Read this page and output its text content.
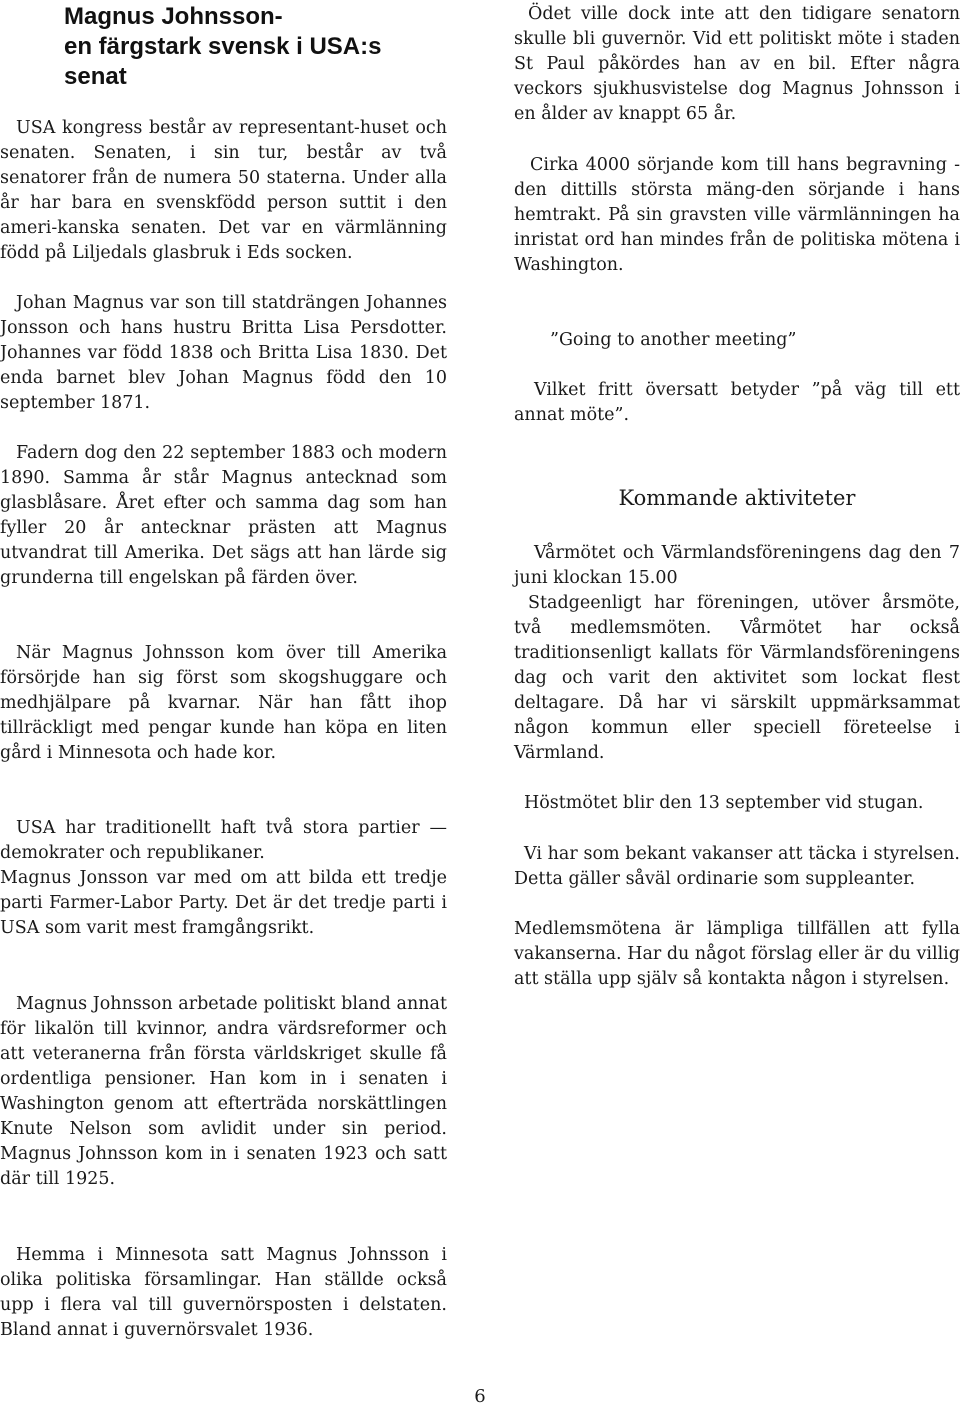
Magnus Johnsson-
en färgstark svensk i USA:s
senat

USA kongress består av representant-huset och senaten. Senaten, i sin tur, består av två senatorer från de numera 50 staterna. Under alla år har bara en svenskfödd person suttit i den ameri-kanska senaten. Det var en värmlänning född på Liljedals glasbruk i Eds socken.

Johan Magnus var son till statdrängen Johannes Jonsson och hans hustru Britta Lisa Persdotter. Johannes var född 1838 och Britta Lisa 1830. Det enda barnet blev Johan Magnus född den 10 september 1871.

Fadern dog den 22 september 1883 och modern 1890. Samma år står Magnus antecknad som glasblåsare. Året efter och samma dag som han fyller 20 år antecknar prästen att Magnus utvandrat till Amerika. Det sägs att han lärde sig grunderna till engelskan på färden över.

När Magnus Johnsson kom över till Amerika försörjde han sig först som skogshuggare och medhjälpare på kvarnar. När han fått ihop tillräckligt med pengar kunde han köpa en liten gård i Minnesota och hade kor.

USA har traditionellt haft två stora partier — demokrater och republikaner.

Magnus Jonsson var med om att bilda ett tredje parti Farmer-Labor Party. Det är det tredje parti i USA som varit mest framgångsrikt.

Magnus Johnsson arbetade politiskt bland annat för likalön till kvinnor, andra värdsreformer och att veteranerna från första världskriget skulle få ordentliga pensioner. Han kom in i senaten i Washington genom att efterträda norskättlingen Knute Nelson som avlidit under sin period. Magnus Johnsson kom in i senaten 1923 och satt där till 1925.

Hemma i Minnesota satt Magnus Johnsson i olika politiska församlingar. Han ställde också upp i flera val till guvernörsposten i delstaten. Bland annat i guvernörsvalet 1936.

Ödet ville dock inte att den tidigare senatorn skulle bli guvernör. Vid ett politiskt möte i staden St Paul påkördes han av en bil. Efter några veckors sjukhusvistelse dog Magnus Johnsson i en ålder av knappt 65 år.

Cirka 4000 sörjande kom till hans begravning - den dittills största mäng-den sörjande i hans hemtrakt. På sin gravsten ville värmlänningen ha inristat ord han mindes från de politiska mötena i Washington.

”Going to another meeting”

Vilket fritt översatt betyder ”på väg till ett annat möte”.

Kommande aktiviteter

Vårmötet och Värmlandsföreningens dag den 7 juni klockan 15.00

Stadgeenligt har föreningen, utöver årsmöte, två medlemsmöten. Vårmötet har också traditionsenligt kallats för Värmlandsföreningens dag och varit den aktivitet som lockat flest deltagare. Då har vi särskilt uppmärksammat någon kommun eller speciell företeelse i Värmland.

Höstmötet blir den 13 september vid stugan.

Vi har som bekant vakanser att täcka i styrelsen. Detta gäller såväl ordinarie som suppleanter.

Medlemsmötena är lämpliga tillfällen att fylla vakanserna. Har du något förslag eller är du villig att ställa upp själv så kontakta någon i styrelsen.

6
